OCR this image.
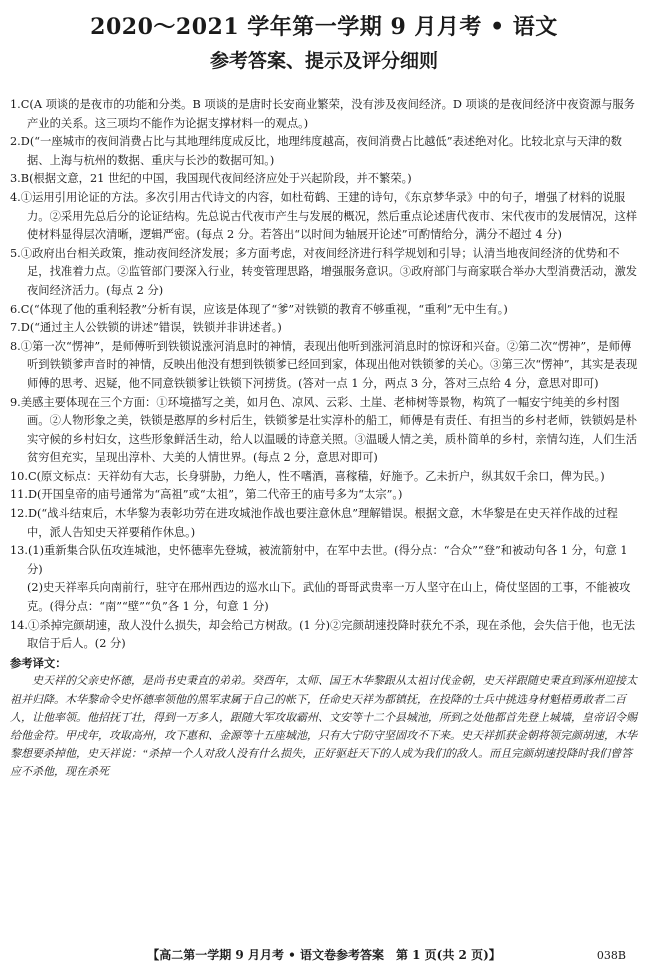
2020～2021 学年第一学期 9 月月考 • 语文
参考答案、提示及评分细则

1.C(A 项谈的是夜市的功能和分类。B 项谈的是唐时长安商业繁荣，没有涉及夜间经济。D 项谈的是夜间经济中夜资源与服务产业的关系。这三项均不能作为论据支撑材料一的观点。)

2.D(“一座城市的夜间消费占比与其地理纬度成反比，地理纬度越高，夜间消费占比越低”表述绝对化。比较北京与天津的数据、上海与杭州的数据、重庆与长沙的数据可知。)

3.B(根据文意，21 世纪的中国，我国现代夜间经济应处于兴起阶段，并不繁荣。)

4.①运用引用论证的方法。多次引用古代诗文的内容，如杜荀鹤、王建的诗句，《东京梦华录》中的句子，增强了材料的说服力。②采用先总后分的论证结构。先总说古代夜市产生与发展的概况，然后重点论述唐代夜市、宋代夜市的发展情况，这样使材料显得层次清晰，逻辑严密。(每点 2 分。若答出“以时间为轴展开论述”可酌情给分，满分不超过 4 分)

5.①政府出台相关政策，推动夜间经济发展；多方面考虑，对夜间经济进行科学规划和引导；认清当地夜间经济的优势和不足，找准着力点。②监管部门要深入行业，转变管理思路，增强服务意识。③政府部门与商家联合举办大型消费活动，激发夜间经济活力。(每点 2 分)

6.C(“体现了他的重利轻教”分析有误，应该是体现了“爹”对铁锁的教育不够重视，“重利”无中生有。)

7.D(“通过主人公铁锁的讲述”错误，铁锁并非讲述者。)

8.①第一次“愣神”，是师傅听到铁锁说涨河消息时的神情，表现出他听到涨河消息时的惊讶和兴奋。②第二次“愣神”，是师傅听到铁锁爹声音时的神情，反映出他没有想到铁锁爹已经回到家，体现出他对铁锁爹的关心。③第三次“愣神”，其实是表现师傅的思考、迟疑，他不同意铁锁爹让铁锁下河捞货。(答对一点 1 分，两点 3 分，答对三点给 4 分，意思对即可)

9.美感主要体现在三个方面：①环境描写之美，如月色、凉风、云彩、土崖、老柿树等景物，构筑了一幅安宁纯美的乡村图画。②人物形象之美，铁锁是憨厚的乡村后生，铁锁爹是壮实淳朴的船工，师傅是有责任、有担当的乡村老师，铁锁妈是朴实守候的乡村妇女，这些形象鲜活生动，给人以温暖的诗意关照。③温暖人情之美，质朴简单的乡村，亲情勾连，人们生活贫穷但充实，呈现出淳朴、大美的人情世界。(每点 2 分，意思对即可)

10.C(原文标点：天祥幼有大志，长身骈胁，力绝人，性不嗜酒，喜稼穑，好施予。乙未折户，纵其奴千余口，俾为民。)

11.D(开国皇帝的庙号通常为“高祖”或“太祖”，第二代帝王的庙号多为“太宗”。)

12.D(“战斗结束后，木华黎为表彰功劳在进攻城池作战也要注意休息”理解错误。根据文意，木华黎是在史天祥作战的过程中，派人告知史天祥要稍作休息。)

13.(1)重新集合队伍攻连城池，史怀德率先登城，被流箭射中，在军中去世。(得分点：“合众”“登”和被动句各 1 分，句意 1 分)
(2)史天祥率兵向南前行，驻守在邢州西边的巡水山下。武仙的哥哥武贵率一万人坚守在山上，倚仗坚固的工事，不能被攻克。(得分点：“南”“壁”“负”各 1 分，句意 1 分)

14.①杀掉完颜胡速，敌人没什么损失，却会给己方树敌。(1 分)②完颜胡速投降时获允不杀，现在杀他，会失信于他，也无法取信于后人。(2 分)

参考译文：

史天祥的父亲史怀德，是尚书史秉直的弟弟。癸酉年，太师、国王木华黎跟从太祖讨伐金朝，史天祥跟随史秉直到涿州迎接太祖并归降。木华黎命令史怀德率领他的黑军隶属于自己的帐下，任命史天祥为都镇抚，在投降的士兵中挑选身材魁梧勇敢者二百人，让他率领。他招抚丁壮，得到一万多人，跟随大军攻取霸州、文安等十二个县城池，所到之处他都首先登上城墙，皇帝诏令赐给他金符。甲戌年，攻取高州，攻下惠和、金源等十五座城池，只有大宁防守坚固攻不下来。史天祥抓获金朝将领完颜胡速，木华黎想要杀掉他，史天祥说：“杀掉一个人对敌人没有什么损失，正好驱赶天下的人成为我们的敌人。而且完颜胡速投降时我们曾答应不杀他，现在杀死

【高二第一学期 9 月月考 • 语文卷参考答案　第 1 页(共 2 页)】	038B
